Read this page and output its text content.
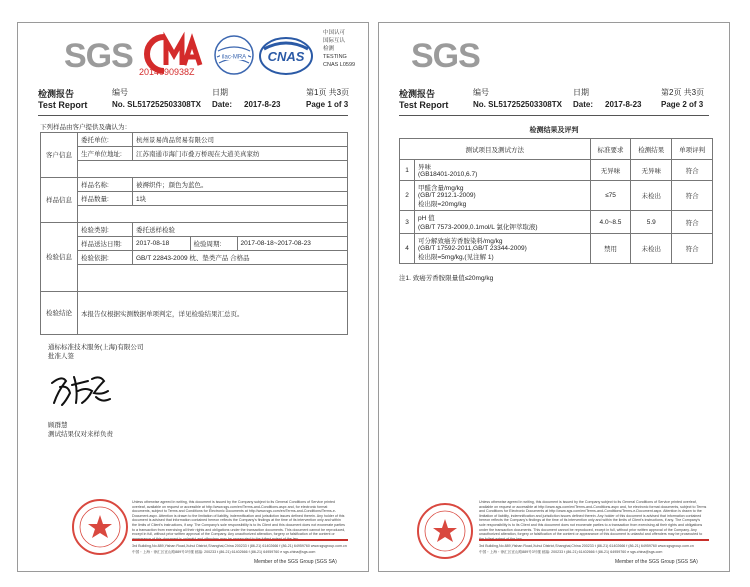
SGS 2014090938Z
ilac-MRA CNAS
中国认可
国际互认
检测
TESTING
CNAS L0599
检测报告	编号	日期	第1页 共3页
Test Report	No. SL517252503308TX Date: 2017-8-23	Page 1 of 3
下列样品由客户提供及确认为：
客户信息	委托单位:	杭州景易尚品贸易有限公司		
	生产单位地址:	江苏南通市海门市叠万桥现在大道美真家纺		

样品信息	样品名称:	被褥织件；颜色为蓝色。		
	样品数量:	1块		

检验信息	检验类别:	委托送样检验		
	样品送达日期:	2017-08-18	检验周期:	2017-08-18~2017-08-23
	检验依据:	GB/T 22843-2009 枕、垫类产品 合格品		

检验结论	本报告仅根据实测数据单项判定，详见检验结果汇总页。			
通标标准技术服务(上海)有限公司
批准人签
顾群慧
测试结果仅对来样负责
Unless otherwise agreed in writing, this document is issued by the Company subject to its General Conditions of Service printed overleaf, available on request or accessible at http://www.sgs.com/en/Terms-and-Conditions.aspx and, for electronic format documents, subject to Terms and Conditions for Electronic Documents at http://www.sgs.com/en/Terms-and-Conditions/Terms-e-Document.aspx. Attention is drawn to the limitation of liability, indemnification and jurisdiction issues defined therein. Any holder of this document is advised that information contained hereon reflects the Company's findings at the time of its intervention only and within the limits of Client's instructions, if any. The Company's sole responsibility is to its Client and this document does not exonerate parties to a transaction from exercising all their rights and obligations under the transaction documents. This document cannot be reproduced, except in full, without prior written approval of the Company. Any unauthorized alteration, forgery or falsification of the content or
3rd Building,No.889,Yishan Road,Xuhui District,Shanghai,China 200233 t (86-21) 61402666 f (86-21) 64959760 www.sgsgroup.com.cn
中国・上海・徐汇区宜山路889号3号楼 邮编: 200233 t (86-21) 61402666 f (86-21) 64959760 e sgs.china@sgs.com
Member of the SGS Group (SGS SA)
SGS
检测报告	编号	日期	第2页 共3页
Test Report	No. SL517252503308TX Date: 2017-8-23 Page 2 of 3
检测结果及评判
测试项目及测试方法		标准要求	检测结果	单项评判
1	异味
(GB18401-2010,6.7)	无异味	无异味	符合
2	甲醛含量/mg/kg
(GB/T 2912.1-2009)
检出限=20mg/kg	≤75	未检出	符合
3	pH 值
(GB/T 7573-2009,0.1mol/L 氯化钾萃取液)	4.0~8.5	5.9	符合
4	可分解致癌芳香胺染料/mg/kg
(GB/T 17592-2011,GB/T 23344-2009)
检出限=5mg/kg,(见注解 1)	禁用	未检出	符合
注1. 致癌芳香胺限量值≤20mg/kg
Unless otherwise agreed in writing, this document is issued by the Company subject to its General Conditions of Service printed overleaf, available on request or accessible at http://www.sgs.com/en/Terms-and-Conditions.aspx and, for electronic format documents, subject to Terms and Conditions for Electronic Documents at http://www.sgs.com/en/Terms-and-Conditions/Terms-e-Document.aspx. Attention is drawn to the limitation of liability, indemnification and jurisdiction issues defined therein. Any holder of this document is advised that information contained hereon reflects the Company's findings at the time of its intervention only and within the limits of Client's instructions, if any. The Company's sole responsibility is to its Client and this document does not exonerate parties to a transaction from exercising all their rights and obligations under the transaction documents. This document cannot be reproduced, except in full, without prior written approval of the Company. Any unauthorized alteration, forgery or falsification of the content or appearance of this document is unlawful and offenders may be prosecuted to
3rd Building,No.889,Yishan Road,Xuhui District,Shanghai,China 200233 t (86-21) 61402666 f (86-21) 64959760 www.sgsgroup.com.cn
中国・上海・徐汇区宜山路889号3号楼 邮编: 200233 t (86-21) 61402666 f (86-21) 64959760 e sgs.china@sgs.com
Member of the SGS Group (SGS SA)
